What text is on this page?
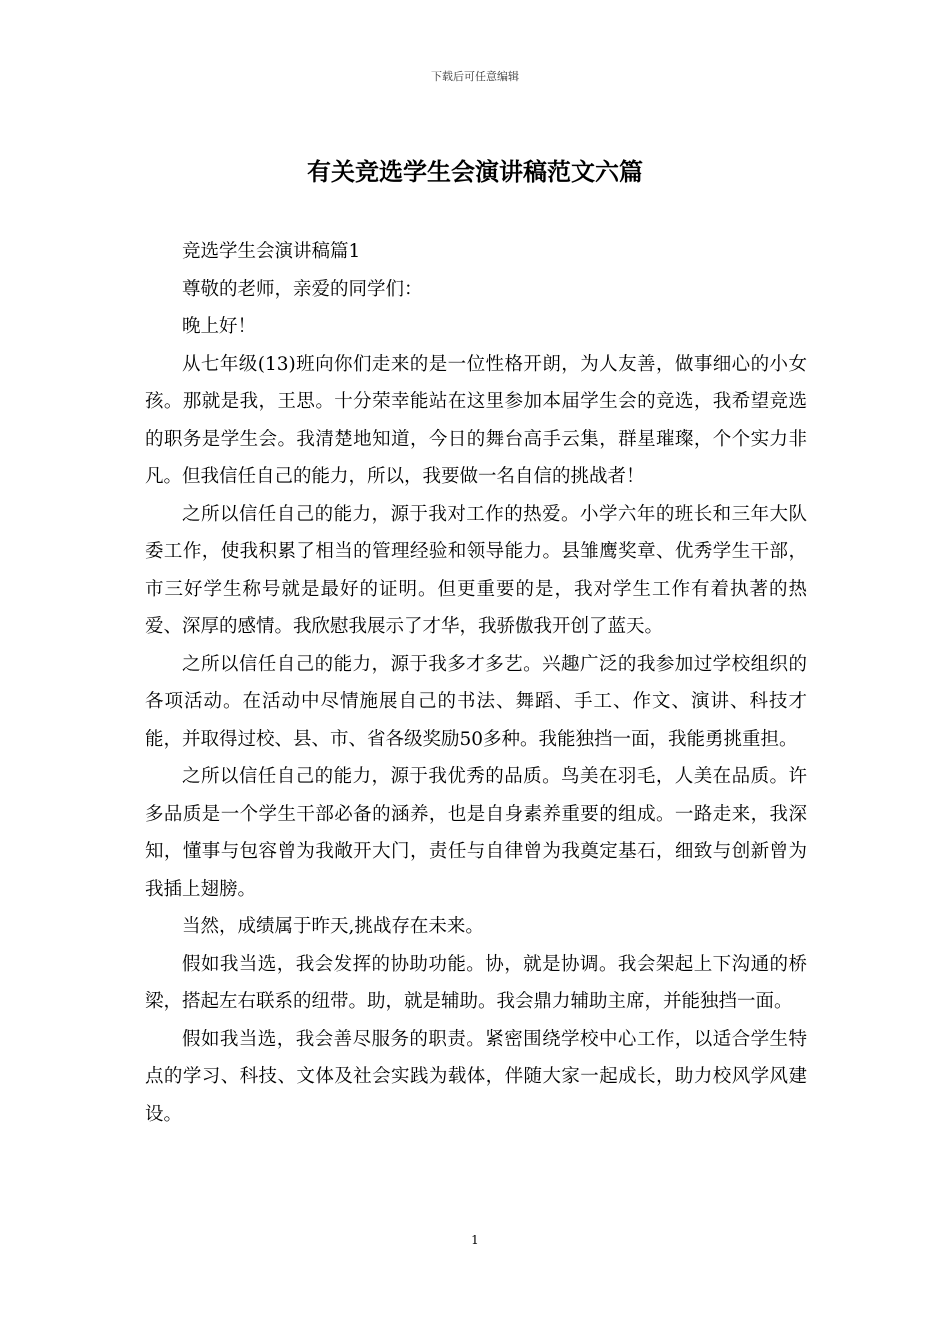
下载后可任意编辑
有关竞选学生会演讲稿范文六篇

竞选学生会演讲稿篇1

尊敬的老师，亲爱的同学们：

晚上好！

从七年级(13)班向你们走来的是一位性格开朗，为人友善，做事细心的小女孩。那就是我，王思。十分荣幸能站在这里参加本届学生会的竞选，我希望竞选的职务是学生会。我清楚地知道，今日的舞台高手云集，群星璀璨，个个实力非凡。但我信任自己的能力，所以，我要做一名自信的挑战者！

之所以信任自己的能力，源于我对工作的热爱。小学六年的班长和三年大队委工作，使我积累了相当的管理经验和领导能力。县雏鹰奖章、优秀学生干部，市三好学生称号就是最好的证明。但更重要的是，我对学生工作有着执著的热爱、深厚的感情。我欣慰我展示了才华，我骄傲我开创了蓝天。

之所以信任自己的能力，源于我多才多艺。兴趣广泛的我参加过学校组织的各项活动。在活动中尽情施展自己的书法、舞蹈、手工、作文、演讲、科技才能，并取得过校、县、市、省各级奖励50多种。我能独挡一面，我能勇挑重担。

之所以信任自己的能力，源于我优秀的品质。鸟美在羽毛，人美在品质。许多品质是一个学生干部必备的涵养，也是自身素养重要的组成。一路走来，我深知，懂事与包容曾为我敞开大门，责任与自律曾为我奠定基石，细致与创新曾为我插上翅膀。

当然，成绩属于昨天,挑战存在未来。

假如我当选，我会发挥的协助功能。协，就是协调。我会架起上下沟通的桥梁，搭起左右联系的纽带。助，就是辅助。我会鼎力辅助主席，并能独挡一面。

假如我当选，我会善尽服务的职责。紧密围绕学校中心工作，以适合学生特点的学习、科技、文体及社会实践为载体，伴随大家一起成长，助力校风学风建设。

1
